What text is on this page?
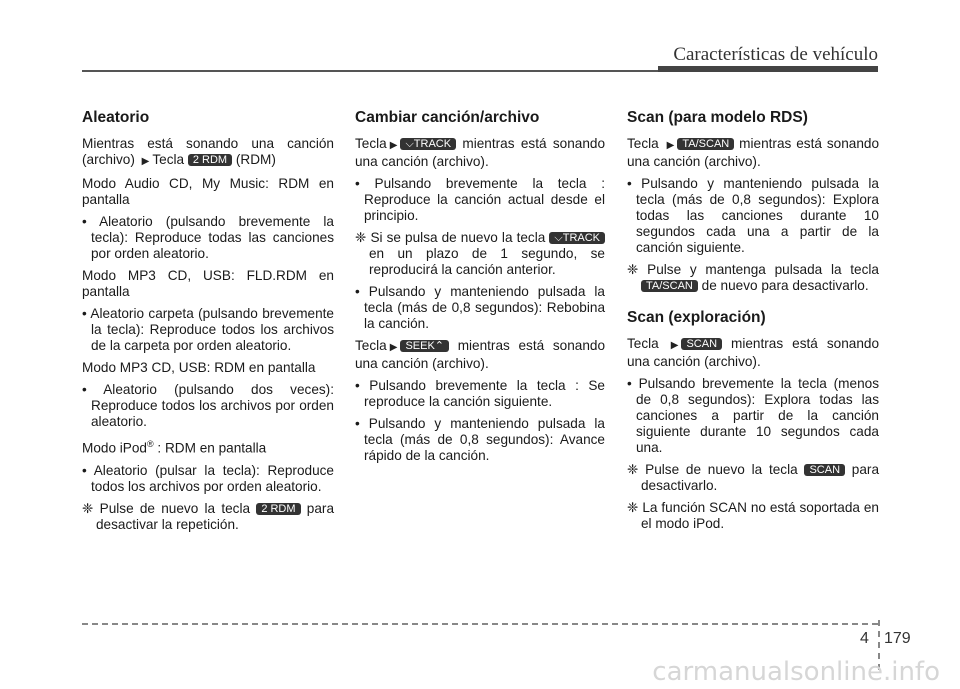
Características de vehículo
Aleatorio

Mientras está sonando una canción (archivo) ▶ Tecla 2 RDM (RDM)

Modo Audio CD, My Music: RDM en pantalla

• Aleatorio (pulsando brevemente la tecla): Reproduce todas las canciones por orden aleatorio.

Modo MP3 CD, USB: FLD.RDM en pantalla

• Aleatorio carpeta (pulsando brevemente la tecla): Reproduce todos los archivos de la carpeta por orden aleatorio.

Modo MP3 CD, USB: RDM en pantalla

• Aleatorio (pulsando dos veces): Reproduce todos los archivos por orden aleatorio.

Modo iPod® : RDM en pantalla

• Aleatorio (pulsar la tecla): Reproduce todos los archivos por orden aleatorio.

❈ Pulse de nuevo la tecla 2 RDM para desactivar la repetición.

Cambiar canción/archivo

Tecla ▶ ⌵TRACK mientras está sonando una canción (archivo).

• Pulsando brevemente la tecla : Reproduce la canción actual desde el principio.

❈ Si se pulsa de nuevo la tecla ⌵TRACK en un plazo de 1 segundo, se reproducirá la canción anterior.

• Pulsando y manteniendo pulsada la tecla (más de 0,8 segundos): Rebobina la canción.

Tecla ▶ SEEK⌃ mientras está sonando una canción (archivo).

• Pulsando brevemente la tecla : Se reproduce la canción siguiente.

• Pulsando y manteniendo pulsada la tecla (más de 0,8 segundos): Avance rápido de la canción.

Scan (para modelo RDS)

Tecla ▶ TA/SCAN mientras está sonando una canción (archivo).

• Pulsando y manteniendo pulsada la tecla (más de 0,8 segundos): Explora todas las canciones durante 10 segundos cada una a partir de la canción siguiente.

❈ Pulse y mantenga pulsada la tecla TA/SCAN de nuevo para desactivarlo.

Scan (exploración)

Tecla ▶ SCAN mientras está sonando una canción (archivo).

• Pulsando brevemente la tecla (menos de 0,8 segundos): Explora todas las canciones a partir de la canción siguiente durante 10 segundos cada una.

❈ Pulse de nuevo la tecla SCAN para desactivarlo.

❈ La función SCAN no está soportada en el modo iPod.

4 179
carmanualsonline.info
